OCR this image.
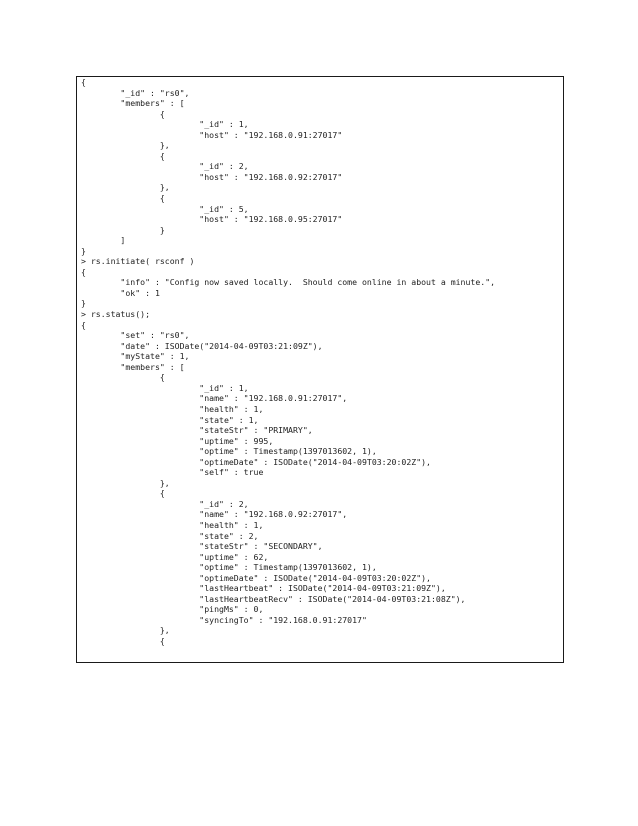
{
"_id" : "rs0",
"members" : [
{
"_id" : 1,
"host" : "192.168.0.91:27017"
},
{
"_id" : 2,
"host" : "192.168.0.92:27017"
},
{
"_id" : 5,
"host" : "192.168.0.95:27017"
}
]
}
> rs.initiate( rsconf )
{
"info" : "Config now saved locally.  Should come online in about a minute.",
"ok" : 1
}
> rs.status();
{
"set" : "rs0",
"date" : ISODate("2014-04-09T03:21:09Z"),
"myState" : 1,
"members" : [
{
"_id" : 1,
"name" : "192.168.0.91:27017",
"health" : 1,
"state" : 1,
"stateStr" : "PRIMARY",
"uptime" : 995,
"optime" : Timestamp(1397013602, 1),
"optimeDate" : ISODate("2014-04-09T03:20:02Z"),
"self" : true
},
{
"_id" : 2,
"name" : "192.168.0.92:27017",
"health" : 1,
"state" : 2,
"stateStr" : "SECONDARY",
"uptime" : 62,
"optime" : Timestamp(1397013602, 1),
"optimeDate" : ISODate("2014-04-09T03:20:02Z"),
"lastHeartbeat" : ISODate("2014-04-09T03:21:09Z"),
"lastHeartbeatRecv" : ISODate("2014-04-09T03:21:08Z"),
"pingMs" : 0,
"syncingTo" : "192.168.0.91:27017"
},
{
